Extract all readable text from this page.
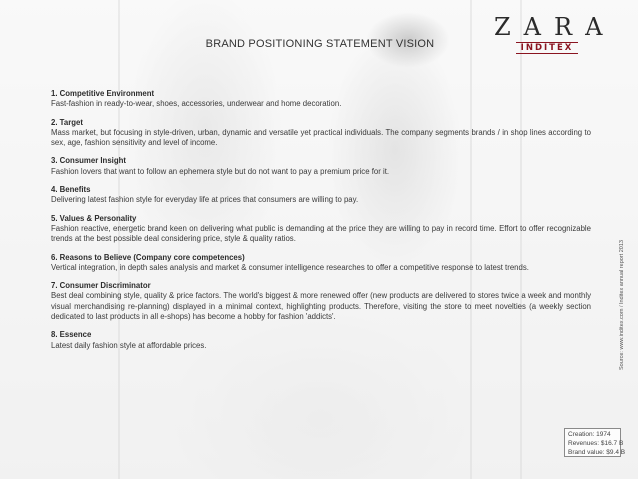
BRAND POSITIONING STATEMENT VISION
ZARA
INDITEX
1. Competitive Environment
Fast-fashion in ready-to-wear, shoes, accessories, underwear and home decoration.
2. Target
Mass market, but focusing in style-driven, urban, dynamic and versatile yet practical individuals. The company segments brands / in shop lines according to sex, age, fashion sensitivity and level of income.
3. Consumer Insight
Fashion lovers that want to follow an ephemera style but do not want to pay a premium price for it.
4. Benefits
Delivering latest fashion style for everyday life at prices that consumers are willing to pay.
5. Values & Personality
Fashion reactive, energetic brand keen on delivering what public is demanding at the price they are willing to pay in record time. Effort to offer recognizable trends at the best possible deal considering price, style & quality ratios.
6. Reasons to Believe (Company core competences)
Vertical integration, in depth sales analysis and market & consumer intelligence researches to offer a competitive response to latest trends.
7. Consumer Discriminator
Best deal combining style, quality & price factors. The world's biggest & more renewed offer (new products are delivered to stores twice a week and monthly visual merchandising re-planning) displayed in a minimal context, highlighting products. Therefore, visiting the store to meet novelties (a weekly section dedicated to last products in all e-shops) has become a hobby for fashion 'addicts'.
8. Essence
Latest daily fashion style at affordable prices.	Source: www.inditex.com / Inditex annual report 2013
Creation: 1974
Revenues: $16.7 B
Brand value: $9.4 B
